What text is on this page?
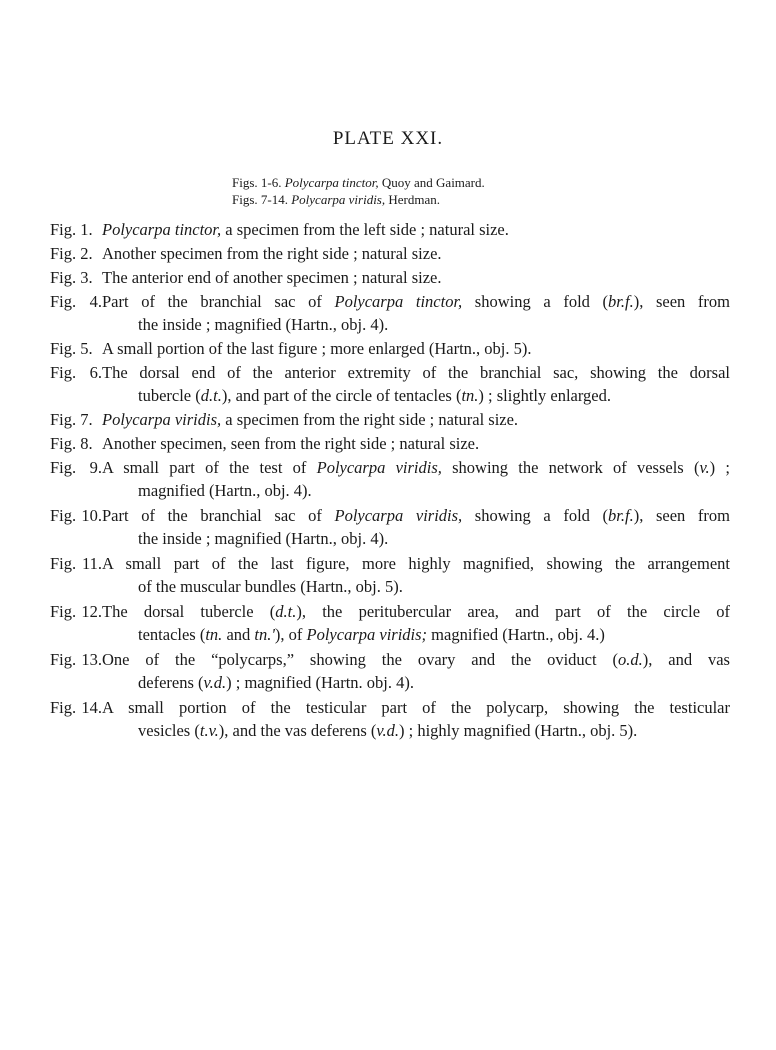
PLATE XXI.
Figs. 1-6. Polycarpa tinctor, Quoy and Gaimard.
Figs. 7-14. Polycarpa viridis, Herdman.
Fig. 1. Polycarpa tinctor, a specimen from the left side ; natural size.
Fig. 2. Another specimen from the right side ; natural size.
Fig. 3. The anterior end of another specimen ; natural size.
Fig. 4.Part of the branchial sac of Polycarpa tinctor, showing a fold (br.f.), seen from
the inside ; magnified (Hartn., obj. 4).
Fig. 5. A small portion of the last figure ; more enlarged (Hartn., obj. 5).
Fig. 6.The dorsal end of the anterior extremity of the branchial sac, showing the dorsal
tubercle (d.t.), and part of the circle of tentacles (tn.) ; slightly enlarged.
Fig. 7. Polycarpa viridis, a specimen from the right side ; natural size.
Fig. 8. Another specimen, seen from the right side ; natural size.
Fig. 9.A small part of the test of Polycarpa viridis, showing the network of vessels (v.) ;
magnified (Hartn., obj. 4).
Fig. 10.Part of the branchial sac of Polycarpa viridis, showing a fold (br.f.), seen from
the inside ; magnified (Hartn., obj. 4).
Fig. 11.A small part of the last figure, more highly magnified, showing the arrangement
of the muscular bundles (Hartn., obj. 5).
Fig. 12.The dorsal tubercle (d.t.), the peritubercular area, and part of the circle of
tentacles (tn. and tn.'), of Polycarpa viridis; magnified (Hartn., obj. 4.)
Fig. 13.One of the “polycarps,” showing the ovary and the oviduct (o.d.), and vas
deferens (v.d.) ; magnified (Hartn. obj. 4).
Fig. 14.A small portion of the testicular part of the polycarp, showing the testicular
vesicles (t.v.), and the vas deferens (v.d.) ; highly magnified (Hartn., obj. 5).
